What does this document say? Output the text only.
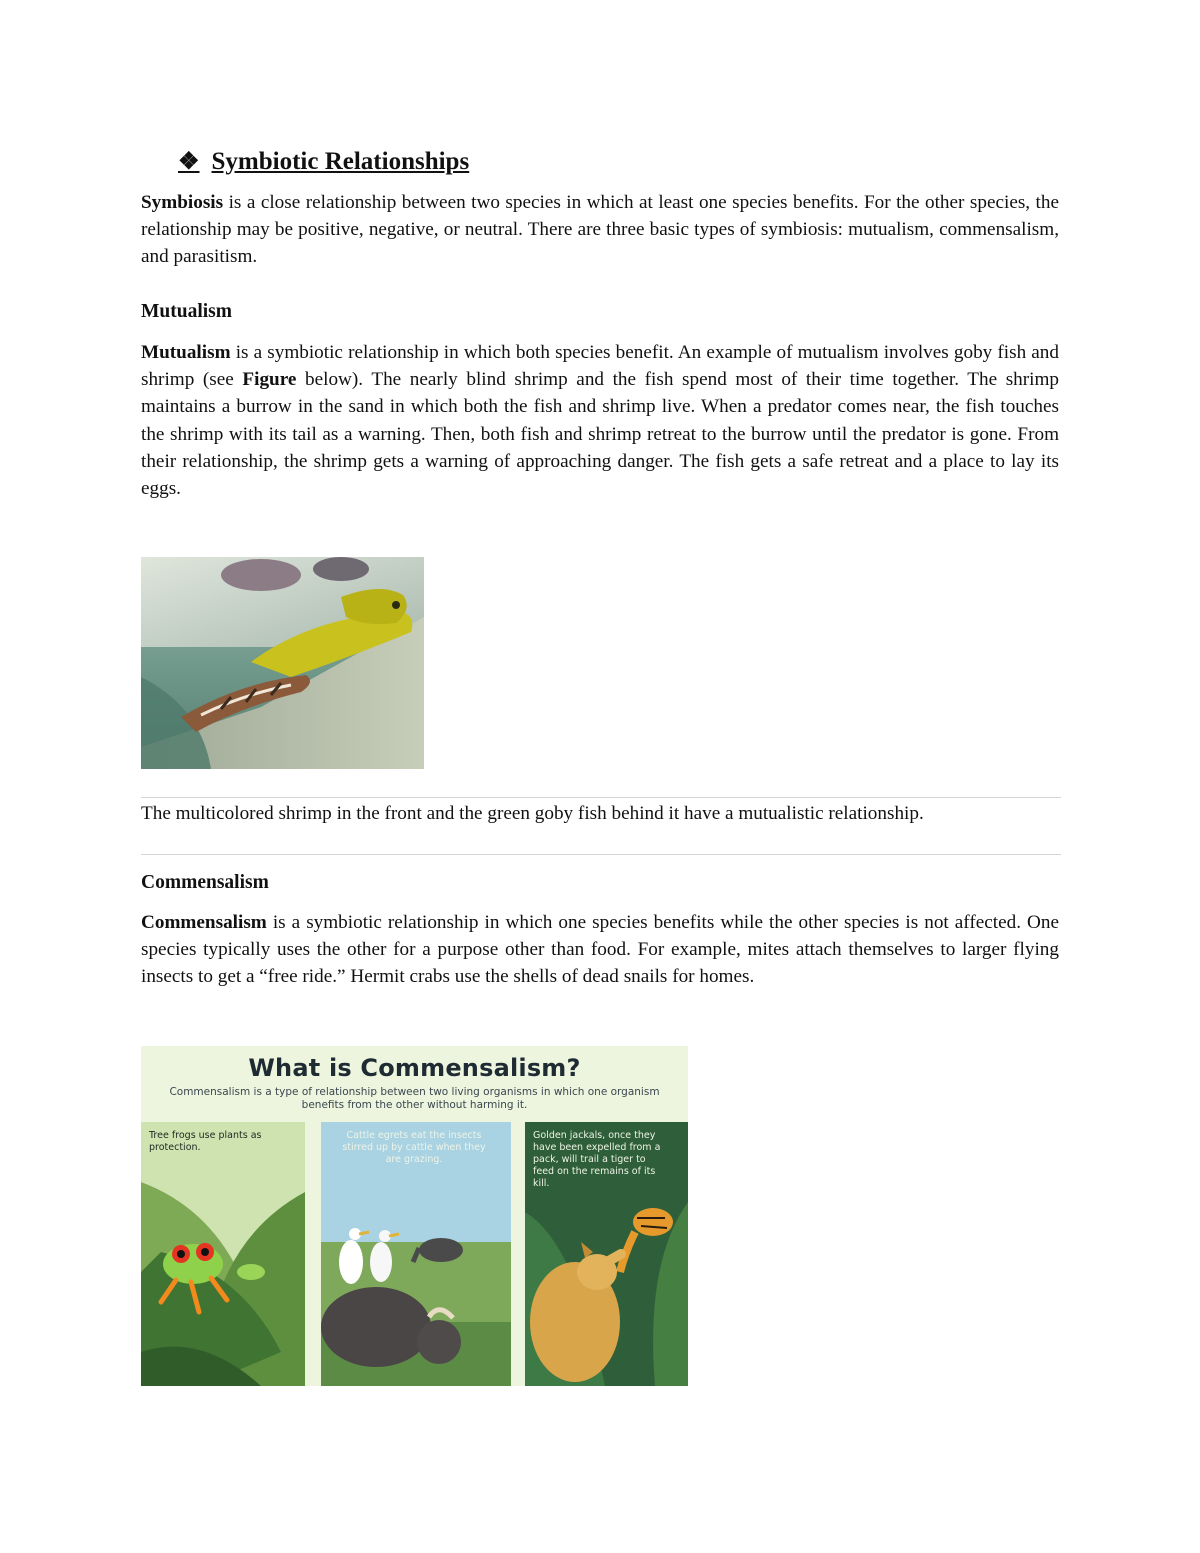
❖ Symbiotic Relationships

Symbiosis is a close relationship between two species in which at least one species benefits. For the other species, the relationship may be positive, negative, or neutral. There are three basic types of symbiosis: mutualism, commensalism, and parasitism.

Mutualism

Mutualism is a symbiotic relationship in which both species benefit. An example of mutualism involves goby fish and shrimp (see Figure below). The nearly blind shrimp and the fish spend most of their time together. The shrimp maintains a burrow in the sand in which both the fish and shrimp live. When a predator comes near, the fish touches the shrimp with its tail as a warning. Then, both fish and shrimp retreat to the burrow until the predator is gone. From their relationship, the shrimp gets a warning of approaching danger. The fish gets a safe retreat and a place to lay its eggs.

The multicolored shrimp in the front and the green goby fish behind it have a mutualistic relationship.

Commensalism

Commensalism is a symbiotic relationship in which one species benefits while the other species is not affected. One species typically uses the other for a purpose other than food. For example, mites attach themselves to larger flying insects to get a “free ride.” Hermit crabs use the shells of dead snails for homes.

What is Commensalism?
Commensalism is a type of relationship between two living organisms in which one organism benefits from the other without harming it.
Tree frogs use plants as protection.
ughtCo.
Cattle egrets eat the insects stirred up by cattle when they are grazing.
Golden jackals, once they have been expelled from a pack, will trail a tiger to feed on the remains of its kill.
